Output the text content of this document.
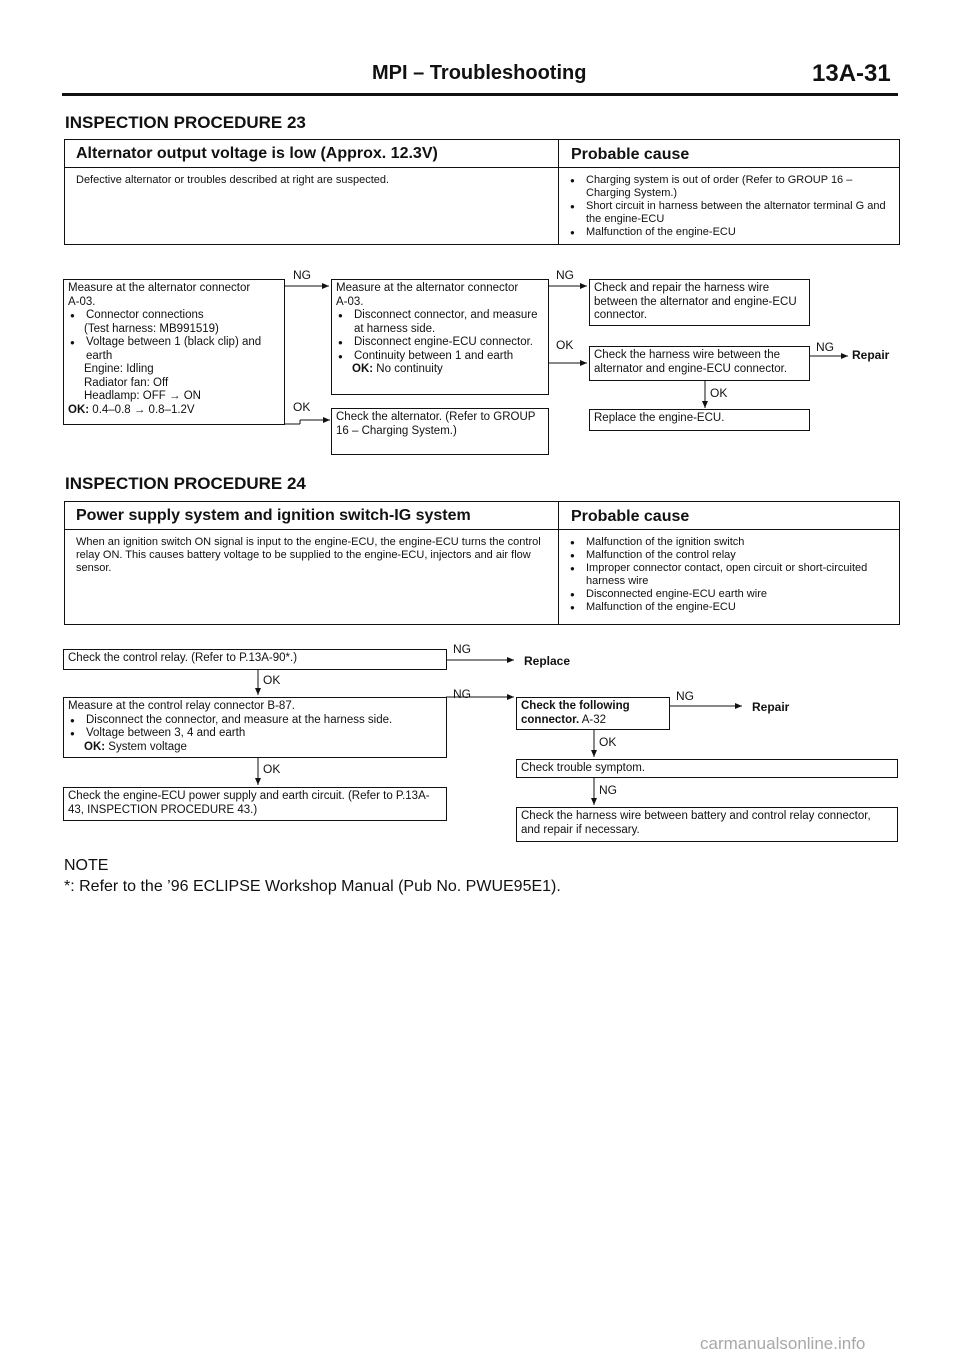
MPI – Troubleshooting	13A-31
INSPECTION PROCEDURE 23
Alternator output voltage is low (Approx. 12.3V)	Probable cause
Defective alternator or troubles described at right are suspected.
●	Charging system is out of order (Refer to GROUP 16 – Charging System.)
● Short circuit in harness between the alternator terminal G and the engine-ECU
● Malfunction of the engine-ECU
Measure at the alternator connector
A-03.
● Connector connections
(Test harness: MB991519)
● Voltage between 1 (black clip) and earth
Engine: Idling
Radiator fan: Off
Headlamp: OFF → ON
OK: 0.4–0.8 → 0.8–1.2V
Measure at the alternator connector
A-03.
● Disconnect connector, and measure at harness side.
● Disconnect engine-ECU connector.
● Continuity between 1 and earth
OK: No continuity
Check the alternator. (Refer to GROUP 16 – Charging System.)
Check and repair the harness wire between the alternator and engine-ECU connector.
Check the harness wire between the alternator and engine-ECU connector.
Replace the engine-ECU.
NG
OK
NG
OK	NG
Repair
OK
INSPECTION PROCEDURE 24
Power supply system and ignition switch-IG system	Probable cause
When an ignition switch ON signal is input to the engine-ECU, the engine-ECU turns the control relay ON. This causes battery voltage to be supplied to the engine-ECU, injectors and air flow sensor.
● Malfunction of the ignition switch
● Malfunction of the control relay
● Improper connector contact, open circuit or short-circuited harness wire
● Disconnected engine-ECU earth wire
● Malfunction of the engine-ECU
Check the control relay. (Refer to P.13A-90*.)
Measure at the control relay connector B-87.
● Disconnect the connector, and measure at the harness side.
● Voltage between 3, 4 and earth
OK: System voltage
Check the engine-ECU power supply and earth circuit. (Refer to P.13A-43, INSPECTION PROCEDURE 43.)
Check the following connector. A-32
Check trouble symptom.
Check the harness wire between battery and control relay connector, and repair if necessary.
NG
Replace
OK
NG
OK
NG
Repair
OK
NG
NOTE
*: Refer to the ’96 ECLIPSE Workshop Manual (Pub No. PWUE95E1).
carmanualsonline.info
